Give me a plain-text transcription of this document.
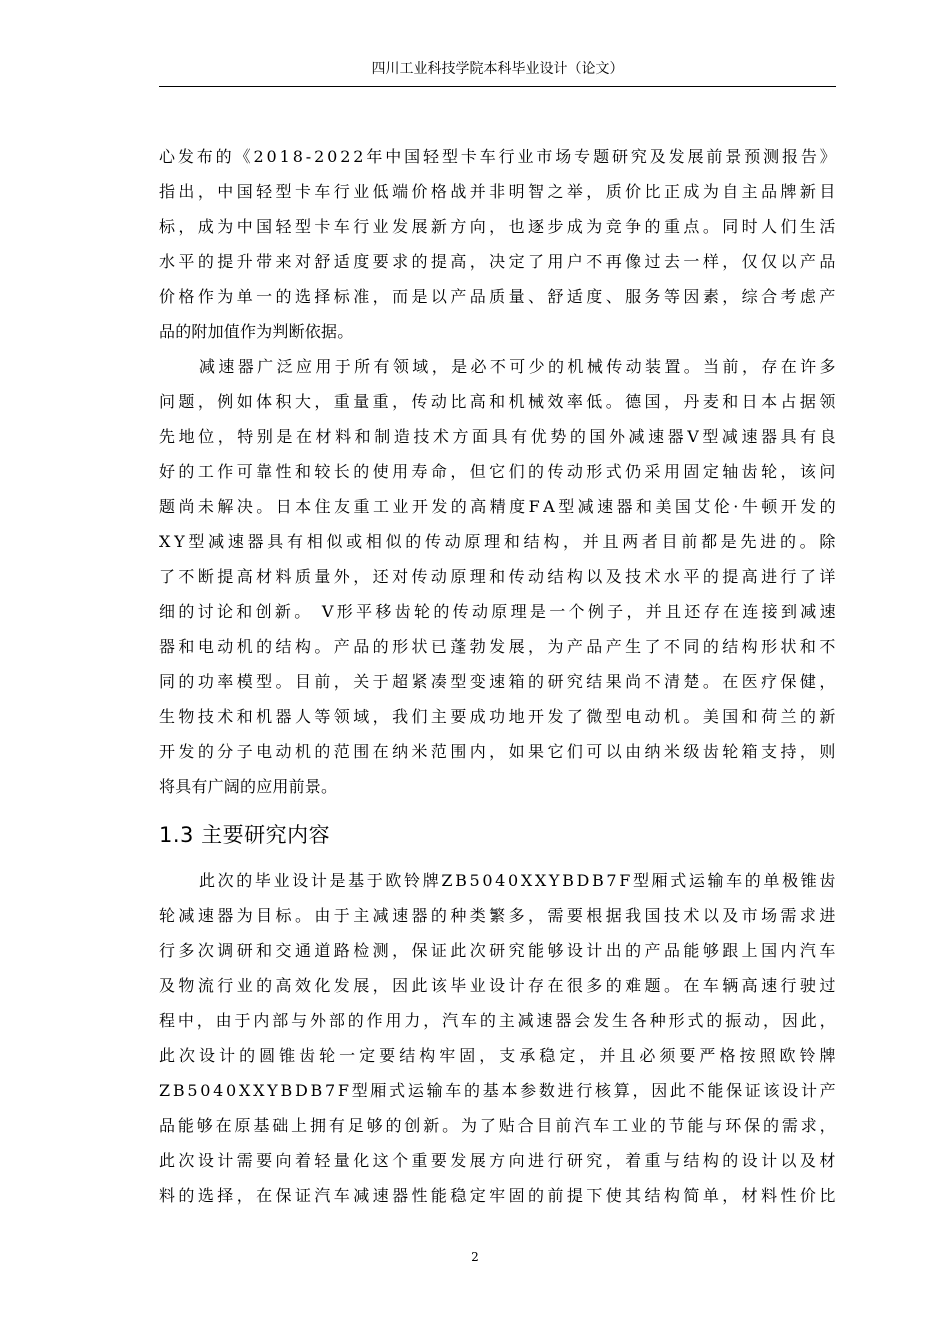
四川工业科技学院本科毕业设计（论文）
心 发 布 的 《 2 0 1 8 - 2 0 2 2 年 中 国 轻 型 卡 车 行 业 市 场 专 题 研 究 及 发 展 前 景 预 测 报 告 》
指 出 ， 中 国 轻 型 卡 车 行 业 低 端 价 格 战 并 非 明 智 之 举 ， 质 价 比 正 成 为 自 主 品 牌 新 目
标 ， 成 为 中 国 轻 型 卡 车 行 业 发 展 新 方 向 ， 也 逐 步 成 为 竞 争 的 重 点 。 同 时 人 们 生 活
水 平 的 提 升 带 来 对 舒 适 度 要 求 的 提 高 ， 决 定 了 用 户 不 再 像 过 去 一 样 ， 仅 仅 以 产 品
价 格 作 为 单 一 的 选 择 标 准 ， 而 是 以 产 品 质 量 、 舒 适 度 、 服 务 等 因 素 ， 综 合 考 虑 产
品的附加值作为判断依据。
减 速 器 广 泛 应 用 于 所 有 领 域 ， 是 必 不 可 少 的 机 械 传 动 装 置 。 当 前 ， 存 在 许 多
问 题 ， 例 如 体 积 大 ， 重 量 重 ， 传 动 比 高 和 机 械 效 率 低 。 德 国 ， 丹 麦 和 日 本 占 据 领
先 地 位 ， 特 别 是 在 材 料 和 制 造 技 术 方 面 具 有 优 势 的 国 外 减 速 器 V 型 减 速 器 具 有 良
好 的 工 作 可 靠 性 和 较 长 的 使 用 寿 命 ， 但 它 们 的 传 动 形 式 仍 采 用 固 定 轴 齿 轮 ， 该 问
题 尚 未 解 决 。 日 本 住 友 重 工 业 开 发 的 高 精 度 F A 型 减 速 器 和 美 国 艾 伦 · 牛 顿 开 发 的
X Y 型 减 速 器 具 有 相 似 或 相 似 的 传 动 原 理 和 结 构 ， 并 且 两 者 目 前 都 是 先 进 的 。 除
了 不 断 提 高 材 料 质 量 外 ， 还 对 传 动 原 理 和 传 动 结 构 以 及 技 术 水 平 的 提 高 进 行 了 详
细 的 讨 论 和 创 新 。
V 形 平 移 齿 轮 的 传 动 原 理 是 一 个 例 子 ， 并 且 还 存 在 连 接 到 减 速
器 和 电 动 机 的 结 构 。 产 品 的 形 状 已 蓬 勃 发 展 ， 为 产 品 产 生 了 不 同 的 结 构 形 状 和 不
同 的 功 率 模 型 。 目 前 ， 关 于 超 紧 凑 型 变 速 箱 的 研 究 结 果 尚 不 清 楚 。 在 医 疗 保 健 ，
生 物 技 术 和 机 器 人 等 领 域 ， 我 们 主 要 成 功 地 开 发 了 微 型 电 动 机 。 美 国 和 荷 兰 的 新
开 发 的 分 子 电 动 机 的 范 围 在 纳 米 范 围 内 ， 如 果 它 们 可 以 由 纳 米 级 齿 轮 箱 支 持 ， 则
将具有广阔的应用前景。
1.3 主要研究内容
此 次 的 毕 业 设 计 是 基 于 欧 铃 牌 Z B 5 0 4 0 X X Y B D B 7 F 型 厢 式 运 输 车 的 单 极 锥 齿
轮 减 速 器 为 目 标 。 由 于 主 减 速 器 的 种 类 繁 多 ， 需 要 根 据 我 国 技 术 以 及 市 场 需 求 进
行 多 次 调 研 和 交 通 道 路 检 测 ， 保 证 此 次 研 究 能 够 设 计 出 的 产 品 能 够 跟 上 国 内 汽 车
及 物 流 行 业 的 高 效 化 发 展 ， 因 此 该 毕 业 设 计 存 在 很 多 的 难 题 。 在 车 辆 高 速 行 驶 过
程 中 ， 由 于 内 部 与 外 部 的 作 用 力 ， 汽 车 的 主 减 速 器 会 发 生 各 种 形 式 的 振 动 ， 因 此 ，
此 次 设 计 的 圆 锥 齿 轮 一 定 要 结 构 牢 固 ， 支 承 稳 定 ， 并 且 必 须 要 严 格 按 照 欧 铃 牌
Z B 5 0 4 0 X X Y B D B 7 F 型 厢 式 运 输 车 的 基 本 参 数 进 行 核 算 ， 因 此 不 能 保 证 该 设 计 产
品 能 够 在 原 基 础 上 拥 有 足 够 的 创 新 。 为 了 贴 合 目 前 汽 车 工 业 的 节 能 与 环 保 的 需 求 ，
此 次 设 计 需 要 向 着 轻 量 化 这 个 重 要 发 展 方 向 进 行 研 究 ， 着 重 与 结 构 的 设 计 以 及 材
料 的 选 择 ， 在 保 证 汽 车 减 速 器 性 能 稳 定 牢 固 的 前 提 下 使 其 结 构 简 单 ， 材 料 性 价 比
2
